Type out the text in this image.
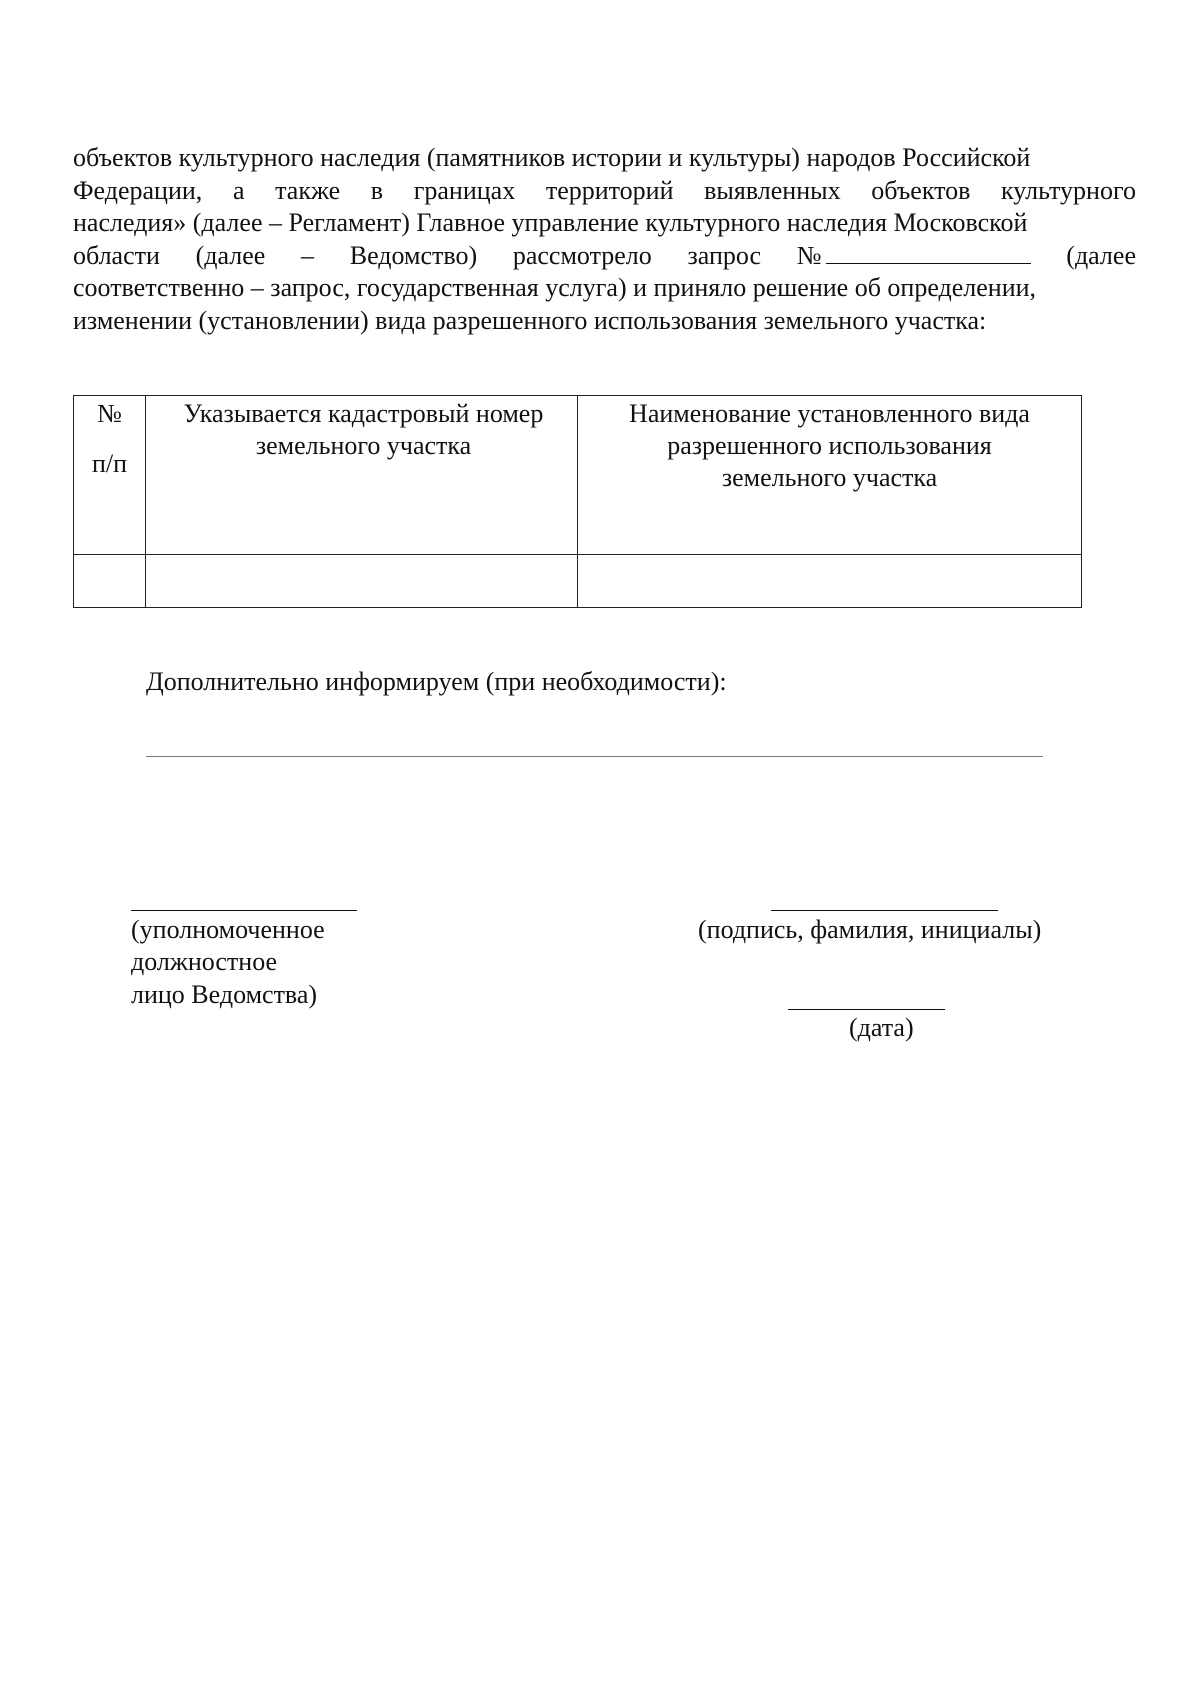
объектов культурного наследия (памятников истории и культуры) народов Российской
Федерации, а также в границах территорий выявленных объектов культурного
наследия» (далее – Регламент) Главное управление культурного наследия Московской
области (далее – Ведомство) рассмотрело запрос №	(далее
соответственно – запрос, государственная услуга) и приняло решение об определении,
изменении (установлении) вида разрешенного использования земельного участка:
№
п/п	Указывается кадастровый номер земельного участка	Наименование установленного вида разрешенного использования земельного участка

Дополнительно информируем (при необходимости):
(уполномоченное
должностное
лицо Ведомства)
(подпись, фамилия, инициалы)
(дата)
